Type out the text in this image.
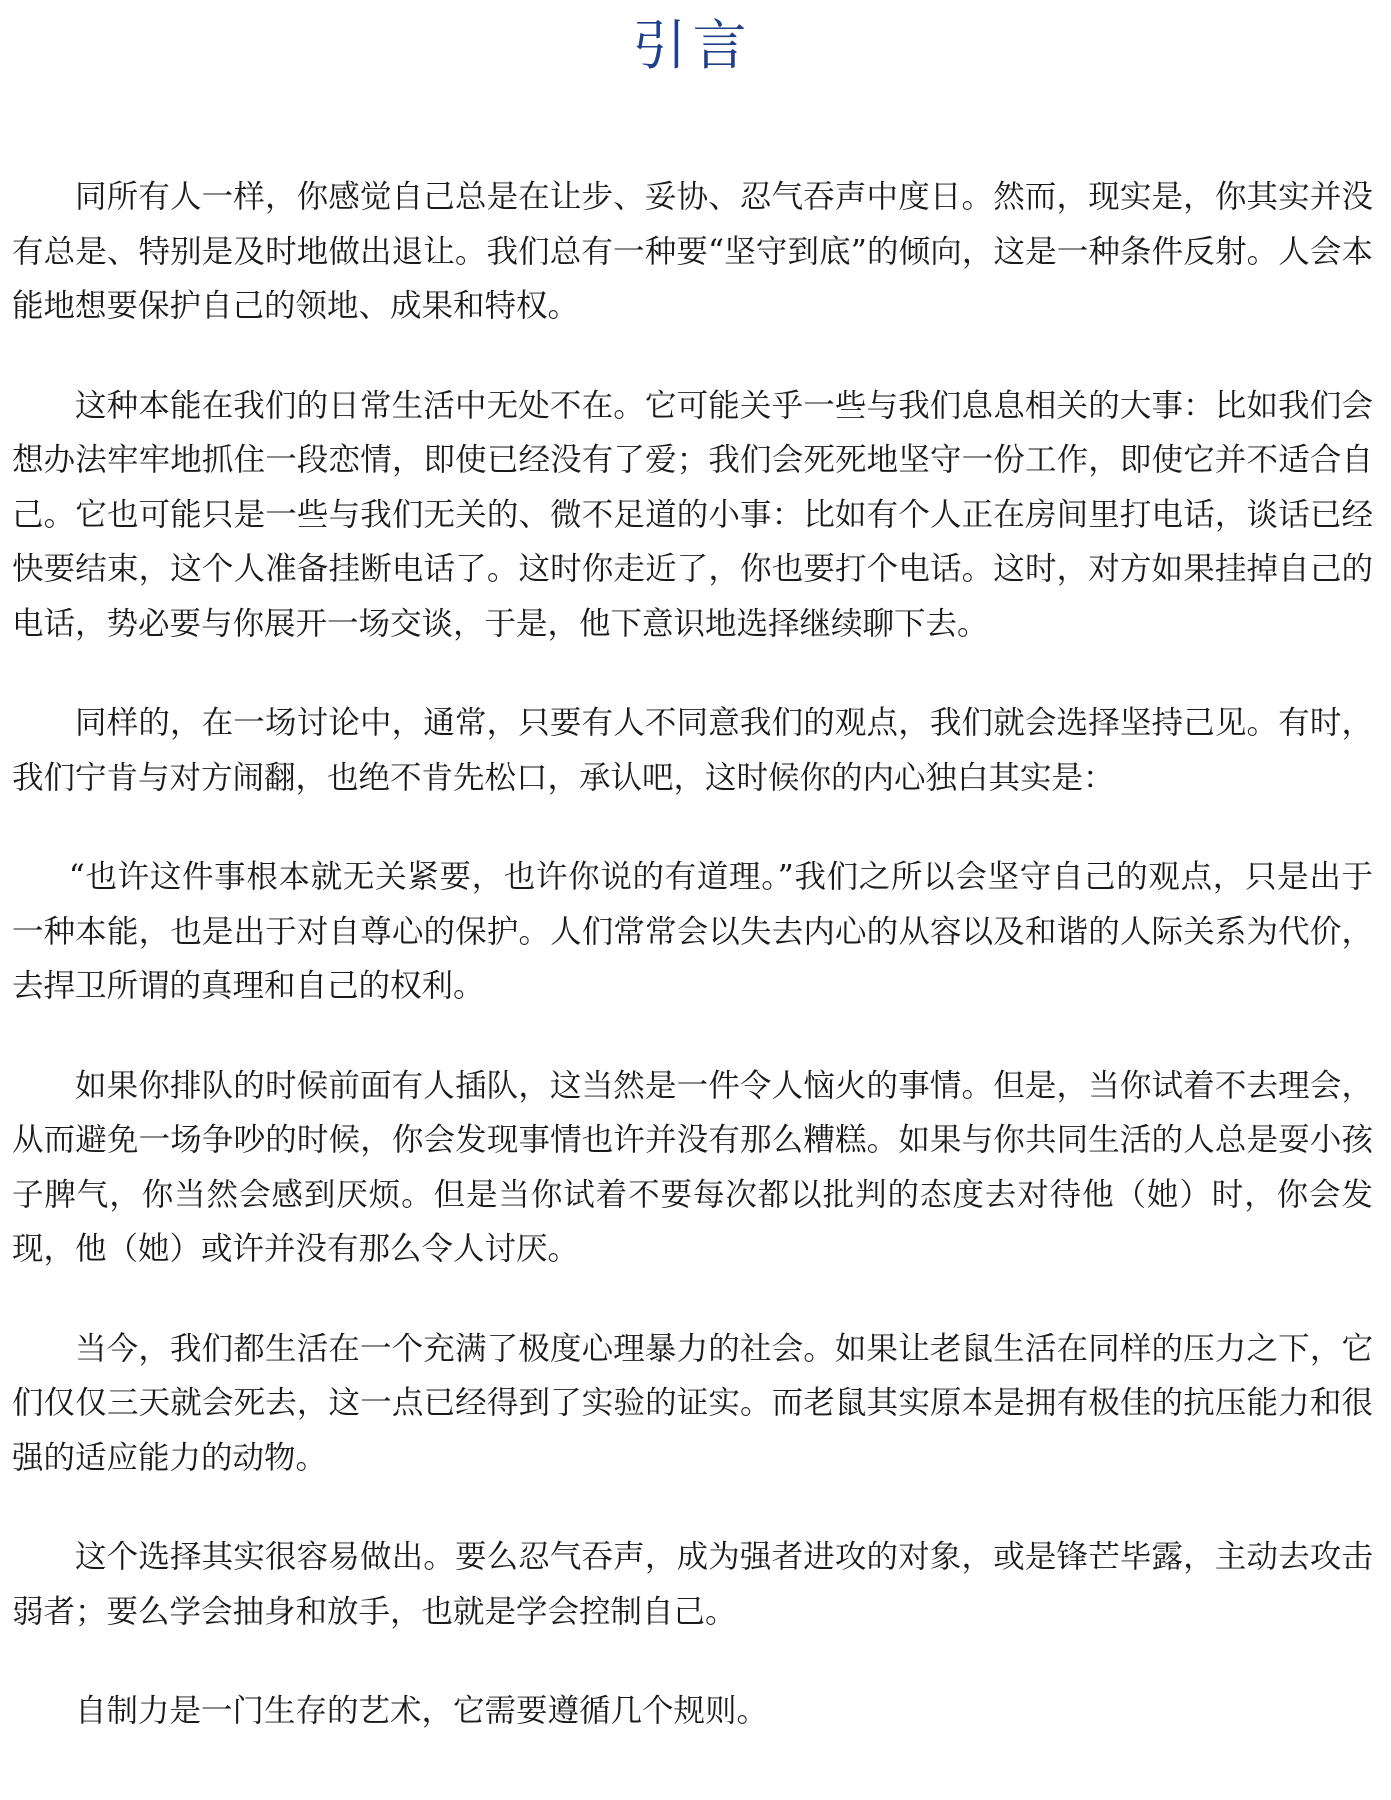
引言

同所有人一样，你感觉自己总是在让步、妥协、忍气吞声中度日。然而，现实是，你其实并没有总是、特别是及时地做出退让。我们总有一种要“坚守到底”的倾向，这是一种条件反射。人会本能地想要保护自己的领地、成果和特权。

这种本能在我们的日常生活中无处不在。它可能关乎一些与我们息息相关的大事：比如我们会想办法牢牢地抓住一段恋情，即使已经没有了爱；我们会死死地坚守一份工作，即使它并不适合自己。它也可能只是一些与我们无关的、微不足道的小事：比如有个人正在房间里打电话，谈话已经快要结束，这个人准备挂断电话了。这时你走近了，你也要打个电话。这时，对方如果挂掉自己的电话，势必要与你展开一场交谈，于是，他下意识地选择继续聊下去。

同样的，在一场讨论中，通常，只要有人不同意我们的观点，我们就会选择坚持己见。有时，我们宁肯与对方闹翻，也绝不肯先松口，承认吧，这时候你的内心独白其实是：

“也许这件事根本就无关紧要，也许你说的有道理。”我们之所以会坚守自己的观点，只是出于一种本能，也是出于对自尊心的保护。人们常常会以失去内心的从容以及和谐的人际关系为代价，去捍卫所谓的真理和自己的权利。

如果你排队的时候前面有人插队，这当然是一件令人恼火的事情。但是，当你试着不去理会，从而避免一场争吵的时候，你会发现事情也许并没有那么糟糕。如果与你共同生活的人总是耍小孩子脾气，你当然会感到厌烦。但是当你试着不要每次都以批判的态度去对待他（她）时，你会发现，他（她）或许并没有那么令人讨厌。

当今，我们都生活在一个充满了极度心理暴力的社会。如果让老鼠生活在同样的压力之下，它们仅仅三天就会死去，这一点已经得到了实验的证实。而老鼠其实原本是拥有极佳的抗压能力和很强的适应能力的动物。

这个选择其实很容易做出。要么忍气吞声，成为强者进攻的对象，或是锋芒毕露，主动去攻击弱者；要么学会抽身和放手，也就是学会控制自己。

自制力是一门生存的艺术，它需要遵循几个规则。
